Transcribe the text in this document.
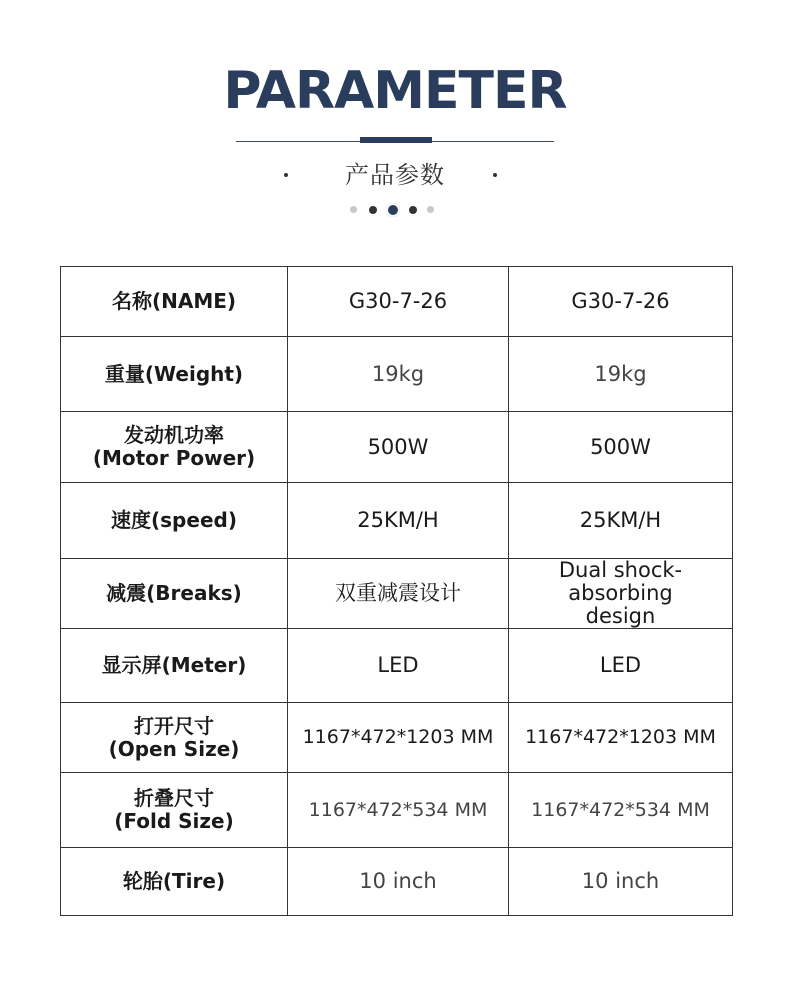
PARAMETER
产品参数
名称(NAME)	G30-7-26	G30-7-26

重量(Weight)	19kg	19kg

发动机功率
(Motor Power)	500W	500W

速度(speed)	25KM/H	25KM/H

减震(Breaks)	双重减震设计	Dual shock-absorbing design

显示屏(Meter)	LED	LED

打开尺寸
(Open Size)	1167*472*1203 MM	1167*472*1203 MM

折叠尺寸
(Fold Size)	1167*472*534 MM	1167*472*534 MM

轮胎(Tire)	10 inch	10 inch
